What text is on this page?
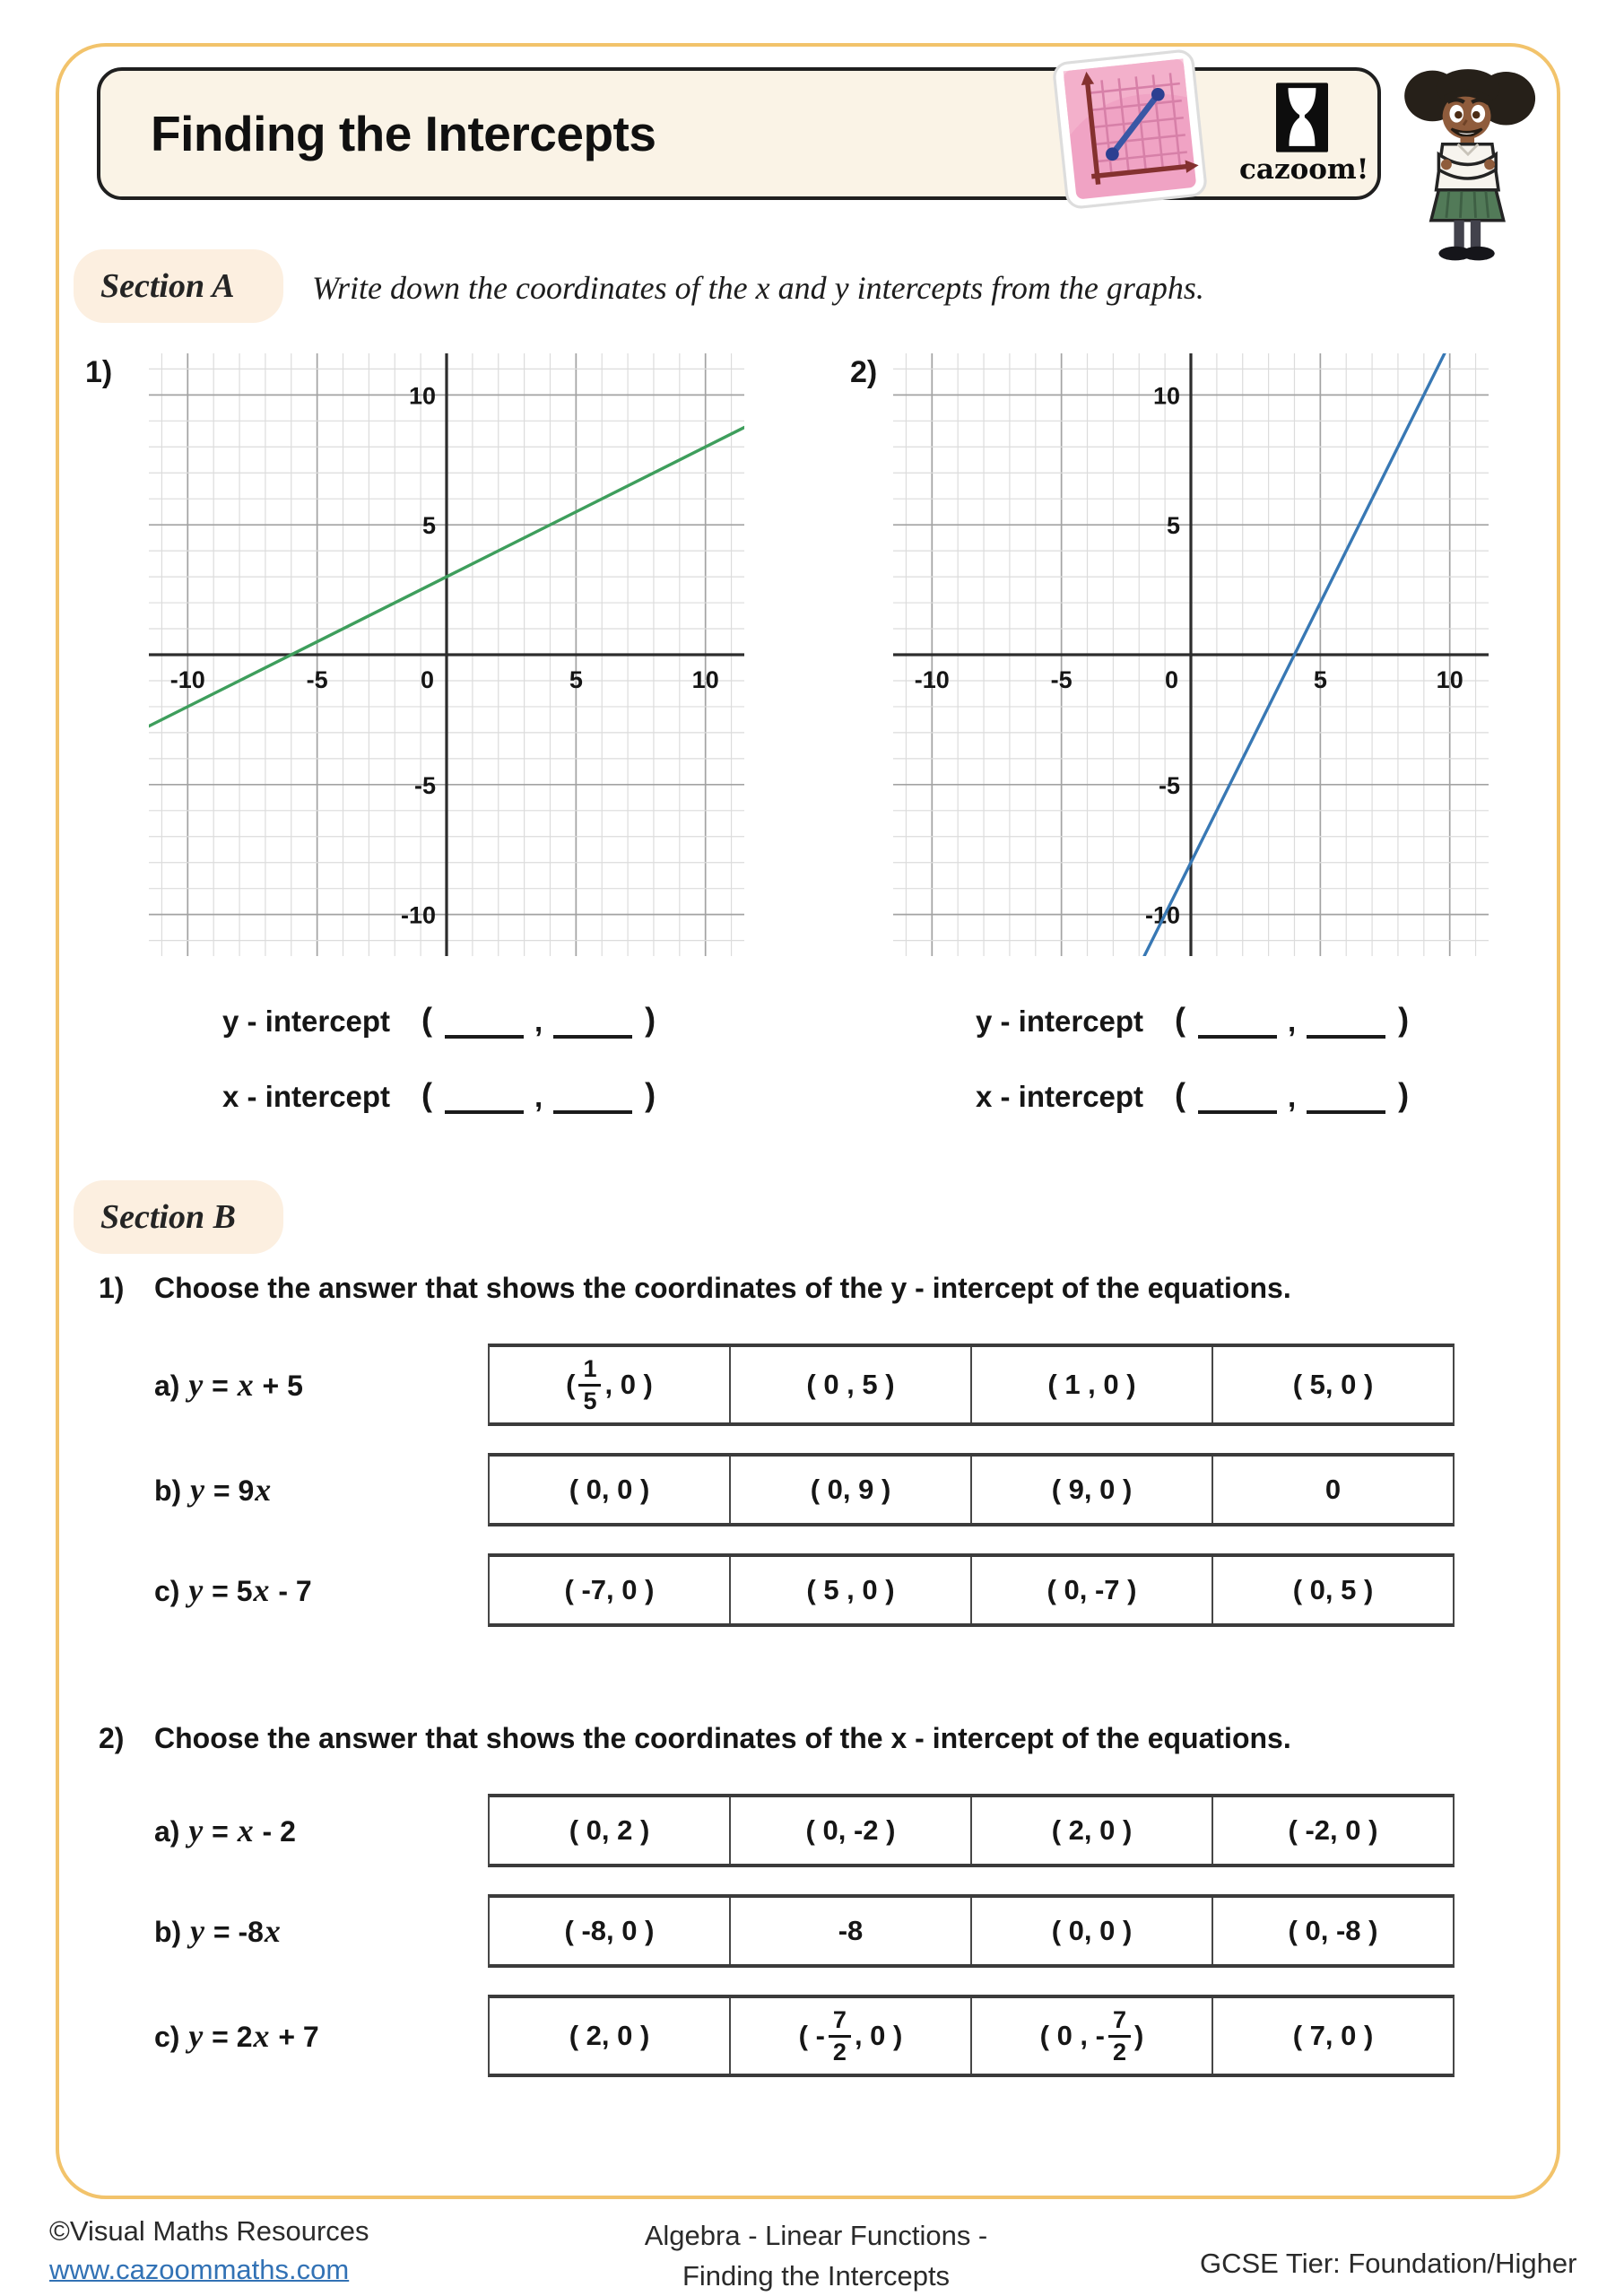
Finding the Intercepts
cazoom!
Section A	Write down the coordinates of the x and y intercepts from the graphs.
1)	2)
-10	-5	0	5	10
10
5
-5
-10
-10	-5	0	5	10
10
5
-5
-10
y - intercept (	,	)
x - intercept (	,	)
y - intercept (	,	)
x - intercept (	,	)
Section B
1)	Choose the answer that shows the coordinates of the y - intercept of the equations.
a) y = x + 5	( $\frac{1}{5}$ , 0 )	( 0 , 5 )	( 1 , 0 )	( 5, 0 )
b) y = 9x	( 0, 0 )	( 0, 9 )	( 9, 0 )	0
c) y = 5x - 7	( -7, 0 )	( 5 , 0 )	( 0, -7 )	( 0, 5 )
2)	Choose the answer that shows the coordinates of the x - intercept of the equations.
a) y = x - 2	( 0, 2 )	( 0, -2 )	( 2, 0 )	( -2, 0 )
b) y = -8x	( -8, 0 )	-8	( 0, 0 )	( 0, -8 )
c) y = 2x + 7	( 2, 0 )	( - $\frac{7}{2}$ , 0 )	( 0 , - $\frac{7}{2}$ )	( 7, 0 )
©Visual Maths Resources
www.cazoommaths.com
Algebra - Linear Functions -
Finding the Intercepts	GCSE Tier: Foundation/Higher
